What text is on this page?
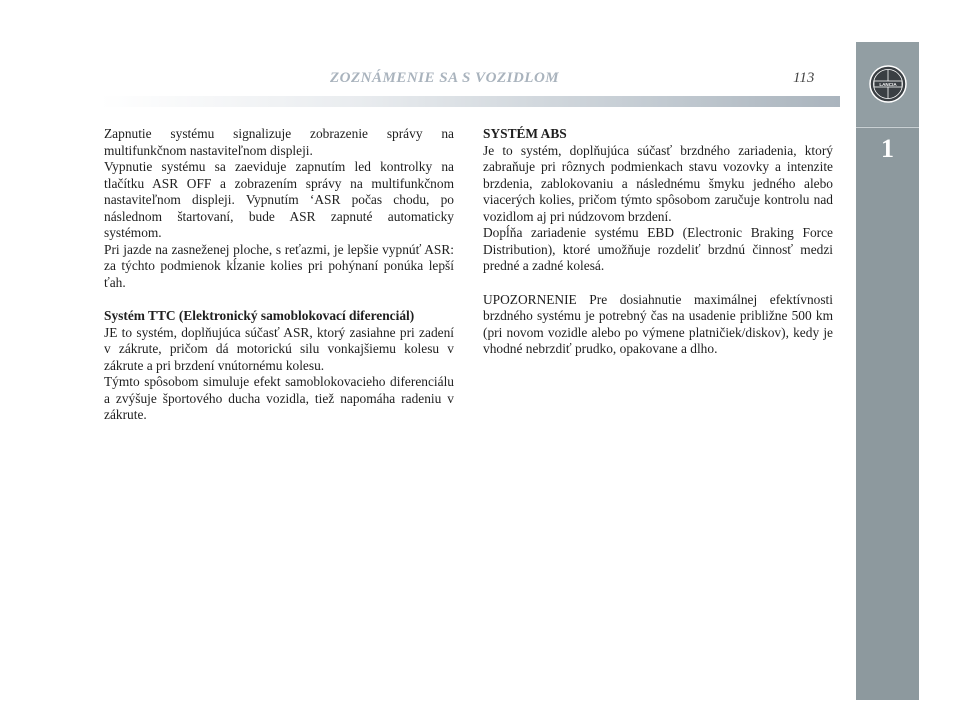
ZOZNÁMENIE SA S VOZIDLOM	113	LANCIA
1

Zapnutie systému signalizuje zobrazenie správy na multifunkčnom nastaviteľnom displeji.

Vypnutie systému sa zaeviduje zapnutím led kontrolky na tlačítku ASR OFF a zobrazením správy na multifunkčnom nastaviteľnom displeji. Vypnutím ‘ASR počas chodu, po následnom štartovaní, bude ASR zapnuté automaticky systémom.

Pri jazde na zasneženej ploche, s reťazmi, je lepšie vypnúť ASR: za týchto podmienok kĺzanie kolies pri pohýnaní ponúka lepší ťah.

Systém TTC (Elektronický samoblokovací diferenciál)

JE to systém, doplňujúca súčasť ASR, ktorý zasiahne pri zadení v zákrute, pričom dá motorickú silu vonkajšiemu kolesu v zákrute a pri brzdení vnútornému kolesu.

Týmto spôsobom simuluje efekt samoblokovacieho diferenciálu a zvýšuje športového ducha vozidla, tiež napomáha radeniu v zákrute.

SYSTÉM ABS

Je to systém, doplňujúca súčasť brzdného zariadenia, ktorý zabraňuje pri rôznych podmienkach stavu vozovky a intenzite brzdenia, zablokovaniu a následnému šmyku jedného alebo viacerých kolies, pričom týmto spôsobom zaručuje kontrolu nad vozidlom aj pri núdzovom brzdení.

Dopĺňa zariadenie systému EBD (Electronic Braking Force Distribution), ktoré umožňuje rozdeliť brzdnú činnosť medzi predné a zadné kolesá.

UPOZORNENIE Pre dosiahnutie maximálnej efektívnosti brzdného systému je potrebný čas na usadenie približne 500 km (pri novom vozidle alebo po výmene platničiek/diskov), kedy je vhodné nebrzdiť prudko, opakovane a dlho.
